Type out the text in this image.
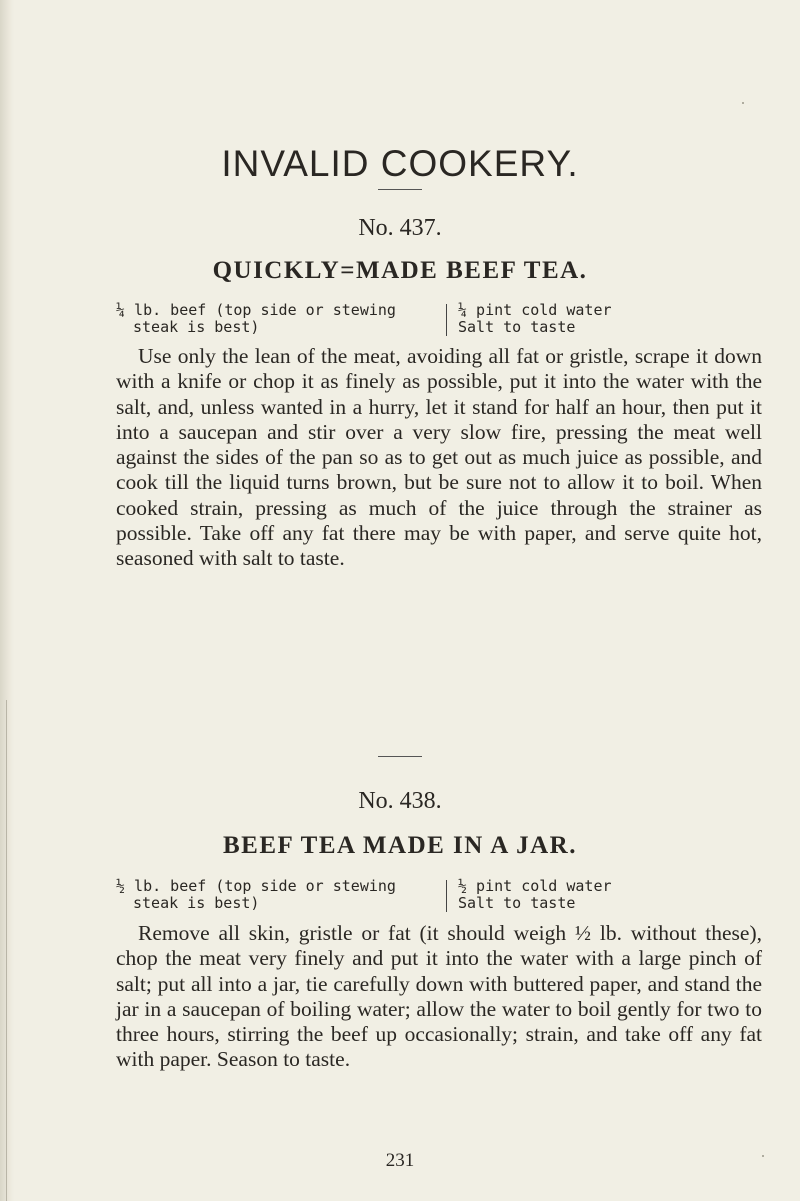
INVALID COOKERY.
No. 437.
QUICKLY=MADE BEEF TEA.
¼ lb. beef (top side or stewing
steak is best)
¼ pint cold water
Salt to taste

Use only the lean of the meat, avoiding all fat or gristle, scrape it down with a knife or chop it as finely as possible, put it into the water with the salt, and, unless wanted in a hurry, let it stand for half an hour, then put it into a saucepan and stir over a very slow fire, pressing the meat well against the sides of the pan so as to get out as much juice as possible, and cook till the liquid turns brown, but be sure not to allow it to boil. When cooked strain, pressing as much of the juice through the strainer as possible. Take off any fat there may be with paper, and serve quite hot, seasoned with salt to taste.

No. 438.
BEEF TEA MADE IN A JAR.
½ lb. beef (top side or stewing
steak is best)
½ pint cold water
Salt to taste

Remove all skin, gristle or fat (it should weigh ½ lb. without these), chop the meat very finely and put it into the water with a large pinch of salt; put all into a jar, tie carefully down with buttered paper, and stand the jar in a saucepan of boiling water; allow the water to boil gently for two to three hours, stirring the beef up occasionally; strain, and take off any fat with paper. Season to taste.

231
